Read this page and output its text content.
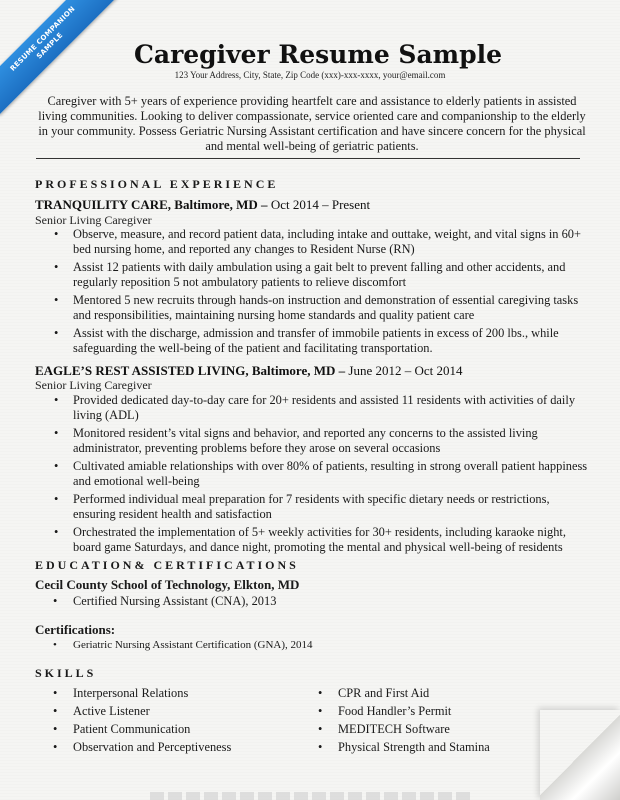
RESUME COMPANION SAMPLE	Caregiver Resume Sample
123 Your Address, City, State, Zip Code (xxx)-xxx-xxxx, your@email.com
Caregiver with 5+ years of experience providing heartfelt care and assistance to elderly patients in assisted living communities. Looking to deliver compassionate, service oriented care and companionship to the elderly in your community. Possess Geriatric Nursing Assistant certification and have sincere concern for the physical and mental well-being of geriatric patients.
PROFESSIONAL EXPERIENCE
TRANQUILITY CARE, Baltimore, MD – Oct 2014 – Present
Senior Living Caregiver
• Observe, measure, and record patient data, including intake and outtake, weight, and vital signs in 60+ bed nursing home, and reported any changes to Resident Nurse (RN)
• Assist 12 patients with daily ambulation using a gait belt to prevent falling and other accidents, and regularly reposition 5 not ambulatory patients to relieve discomfort
• Mentored 5 new recruits through hands-on instruction and demonstration of essential caregiving tasks and responsibilities, maintaining nursing home standards and quality patient care
• Assist with the discharge, admission and transfer of immobile patients in excess of 200 lbs., while safeguarding the well-being of the patient and facilitating transportation.
EAGLE’S REST ASSISTED LIVING, Baltimore, MD – June 2012 – Oct 2014
Senior Living Caregiver
• Provided dedicated day-to-day care for 20+ residents and assisted 11 residents with activities of daily living (ADL)
• Monitored resident’s vital signs and behavior, and reported any concerns to the assisted living administrator, preventing problems before they arose on several occasions
• Cultivated amiable relationships with over 80% of patients, resulting in strong overall patient happiness and emotional well-being
• Performed individual meal preparation for 7 residents with specific dietary needs or restrictions, ensuring resident health and satisfaction
• Orchestrated the implementation of 5+ weekly activities for 30+ residents, including karaoke night, board game Saturdays, and dance night, promoting the mental and physical well-being of residents
EDUCATION& CERTIFICATIONS
Cecil County School of Technology, Elkton, MD
• Certified Nursing Assistant (CNA), 2013
Certifications:
• Geriatric Nursing Assistant Certification (GNA), 2014
SKILLS
• Interpersonal Relations
• Active Listener
• Patient Communication
• Observation and Perceptiveness
• CPR and First Aid
• Food Handler’s Permit
• MEDITECH Software
• Physical Strength and Stamina
